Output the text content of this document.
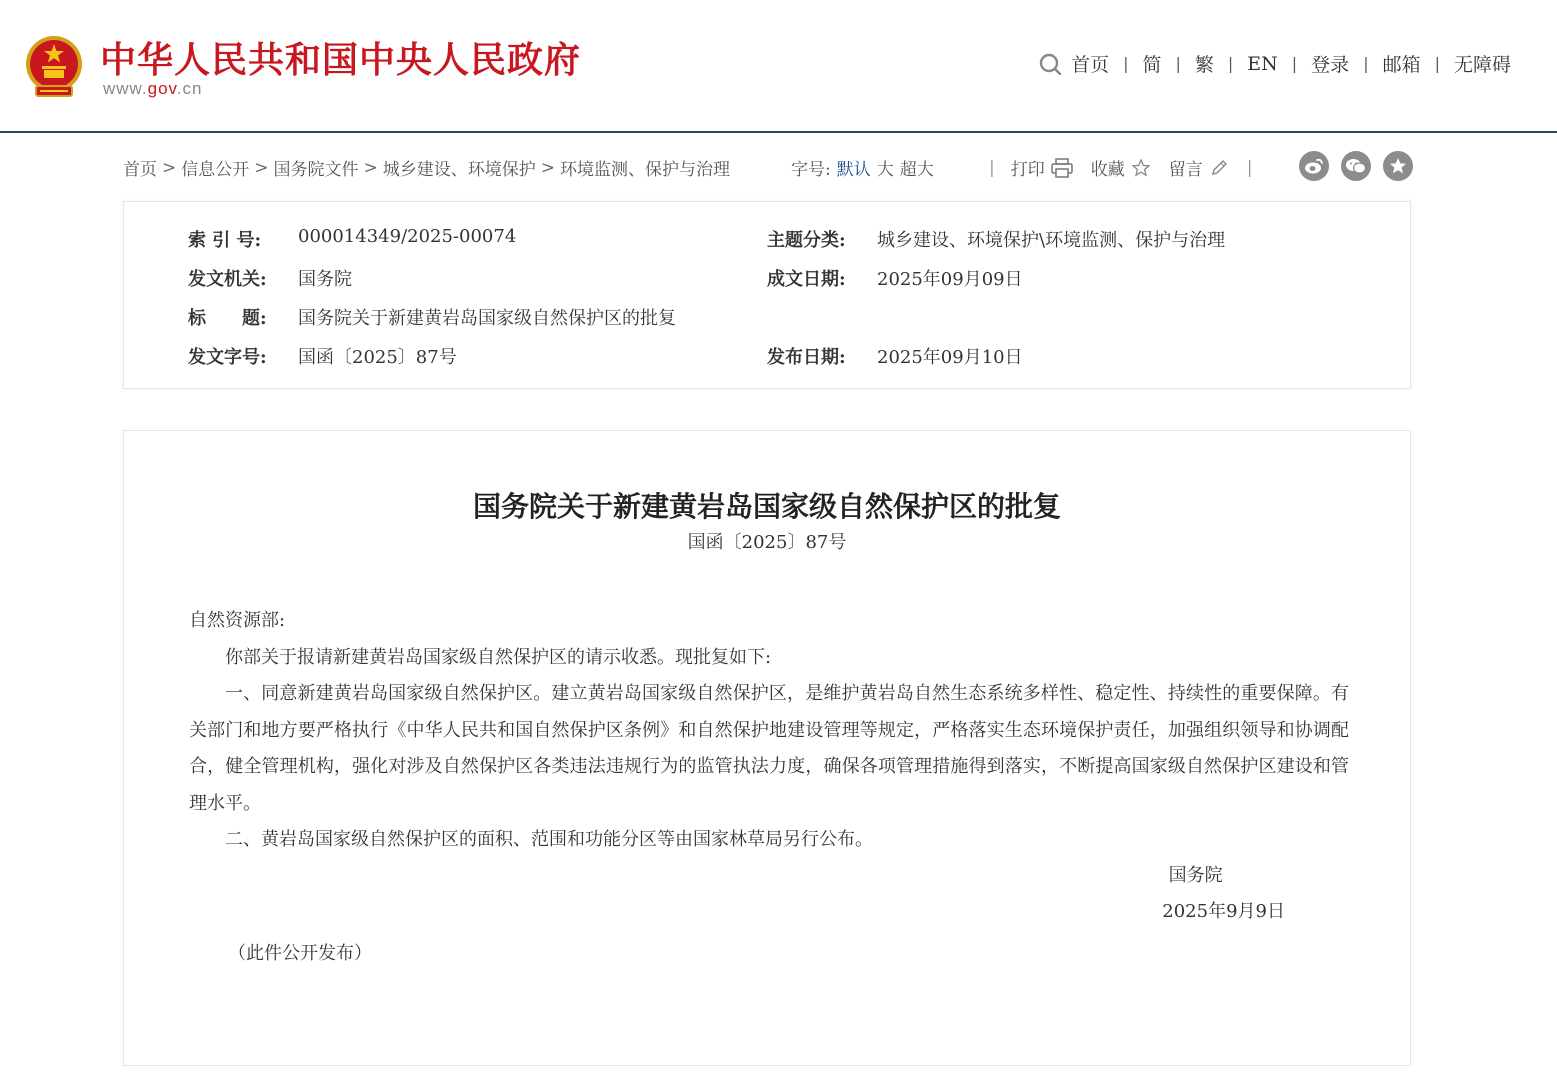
中华人民共和国中央人民政府
www.gov.cn
首页 | 简 | 繁 | EN | 登录 | 邮箱 | 无障碍
首页 > 信息公开 > 国务院文件 > 城乡建设、环境保护 > 环境监测、保护与治理	字号: 默认 大 超大	| 打印	收藏	留言	|
索 引 号:	000014349/2025-00074	主题分类:	城乡建设、环境保护\环境监测、保护与治理
发文机关:	国务院	成文日期:	2025年09月09日
标　　题:	国务院关于新建黄岩岛国家级自然保护区的批复
发文字号:	国函〔2025〕87号	发布日期:	2025年09月10日
国务院关于新建黄岩岛国家级自然保护区的批复
国函〔2025〕87号

自然资源部:

你部关于报请新建黄岩岛国家级自然保护区的请示收悉。现批复如下:

一、同意新建黄岩岛国家级自然保护区。建立黄岩岛国家级自然保护区，是维护黄岩岛自然生态系统多样性、稳定性、持续性的重要保障。有关部门和地方要严格执行《中华人民共和国自然保护区条例》和自然保护地建设管理等规定，严格落实生态环境保护责任，加强组织领导和协调配合，健全管理机构，强化对涉及自然保护区各类违法违规行为的监管执法力度，确保各项管理措施得到落实，不断提高国家级自然保护区建设和管理水平。

二、黄岩岛国家级自然保护区的面积、范围和功能分区等由国家林草局另行公布。

国务院
2025年9月9日
（此件公开发布）
